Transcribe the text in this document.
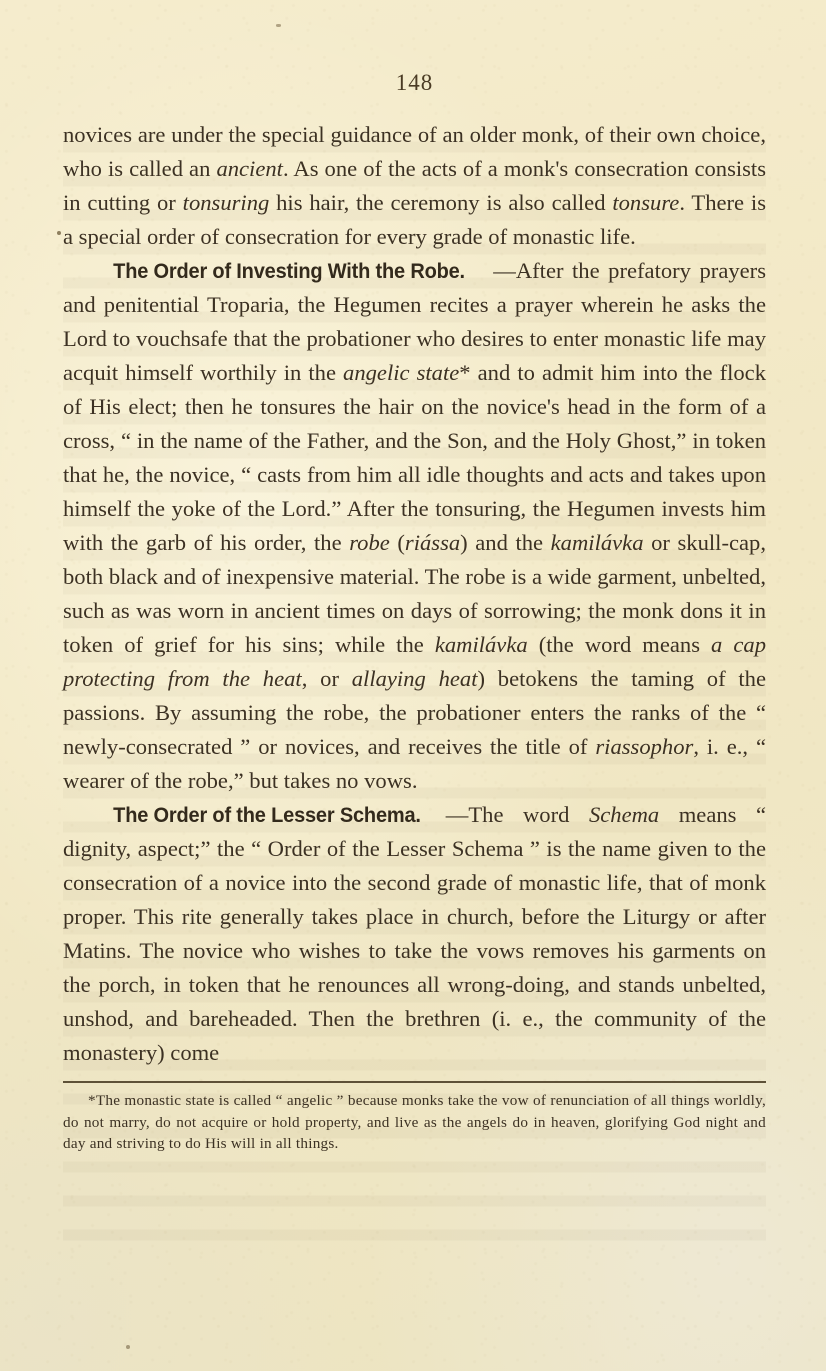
148

novices are under the special guidance of an older monk, of their own choice, who is called an ancient. As one of the acts of a monk's consecration consists in cutting or tonsuring his hair, the ceremony is also called tonsure. There is a special order of consecration for every grade of monastic life.

The Order of Investing With the Robe. —After the prefatory prayers and penitential Troparia, the Hegumen recites a prayer wherein he asks the Lord to vouchsafe that the probationer who desires to enter monastic life may acquit himself worthily in the angelic state* and to admit him into the flock of His elect; then he tonsures the hair on the novice's head in the form of a cross, “ in the name of the Father, and the Son, and the Holy Ghost,” in token that he, the novice, “ casts from him all idle thoughts and acts and takes upon himself the yoke of the Lord.” After the tonsuring, the Hegumen invests him with the garb of his order, the robe (riássa) and the kamilávka or skull-cap, both black and of inexpensive material. The robe is a wide garment, unbelted, such as was worn in ancient times on days of sorrowing; the monk dons it in token of grief for his sins; while the kamilávka (the word means a cap protecting from the heat, or allaying heat) betokens the taming of the passions. By assuming the robe, the probationer enters the ranks of the “ newly-consecrated ” or novices, and receives the title of riassophor, i. e., “ wearer of the robe,” but takes no vows.

The Order of the Lesser Schema. —The word Schema means “ dignity, aspect;” the “ Order of the Lesser Schema ” is the name given to the consecration of a novice into the second grade of monastic life, that of monk proper. This rite generally takes place in church, before the Liturgy or after Matins. The novice who wishes to take the vows removes his garments on the porch, in token that he renounces all wrong-doing, and stands unbelted, unshod, and bareheaded. Then the brethren (i. e., the community of the monastery) come

*The monastic state is called “ angelic ” because monks take the vow of renunciation of all things worldly, do not marry, do not acquire or hold property, and live as the angels do in heaven, glorifying God night and day and striving to do His will in all things.
